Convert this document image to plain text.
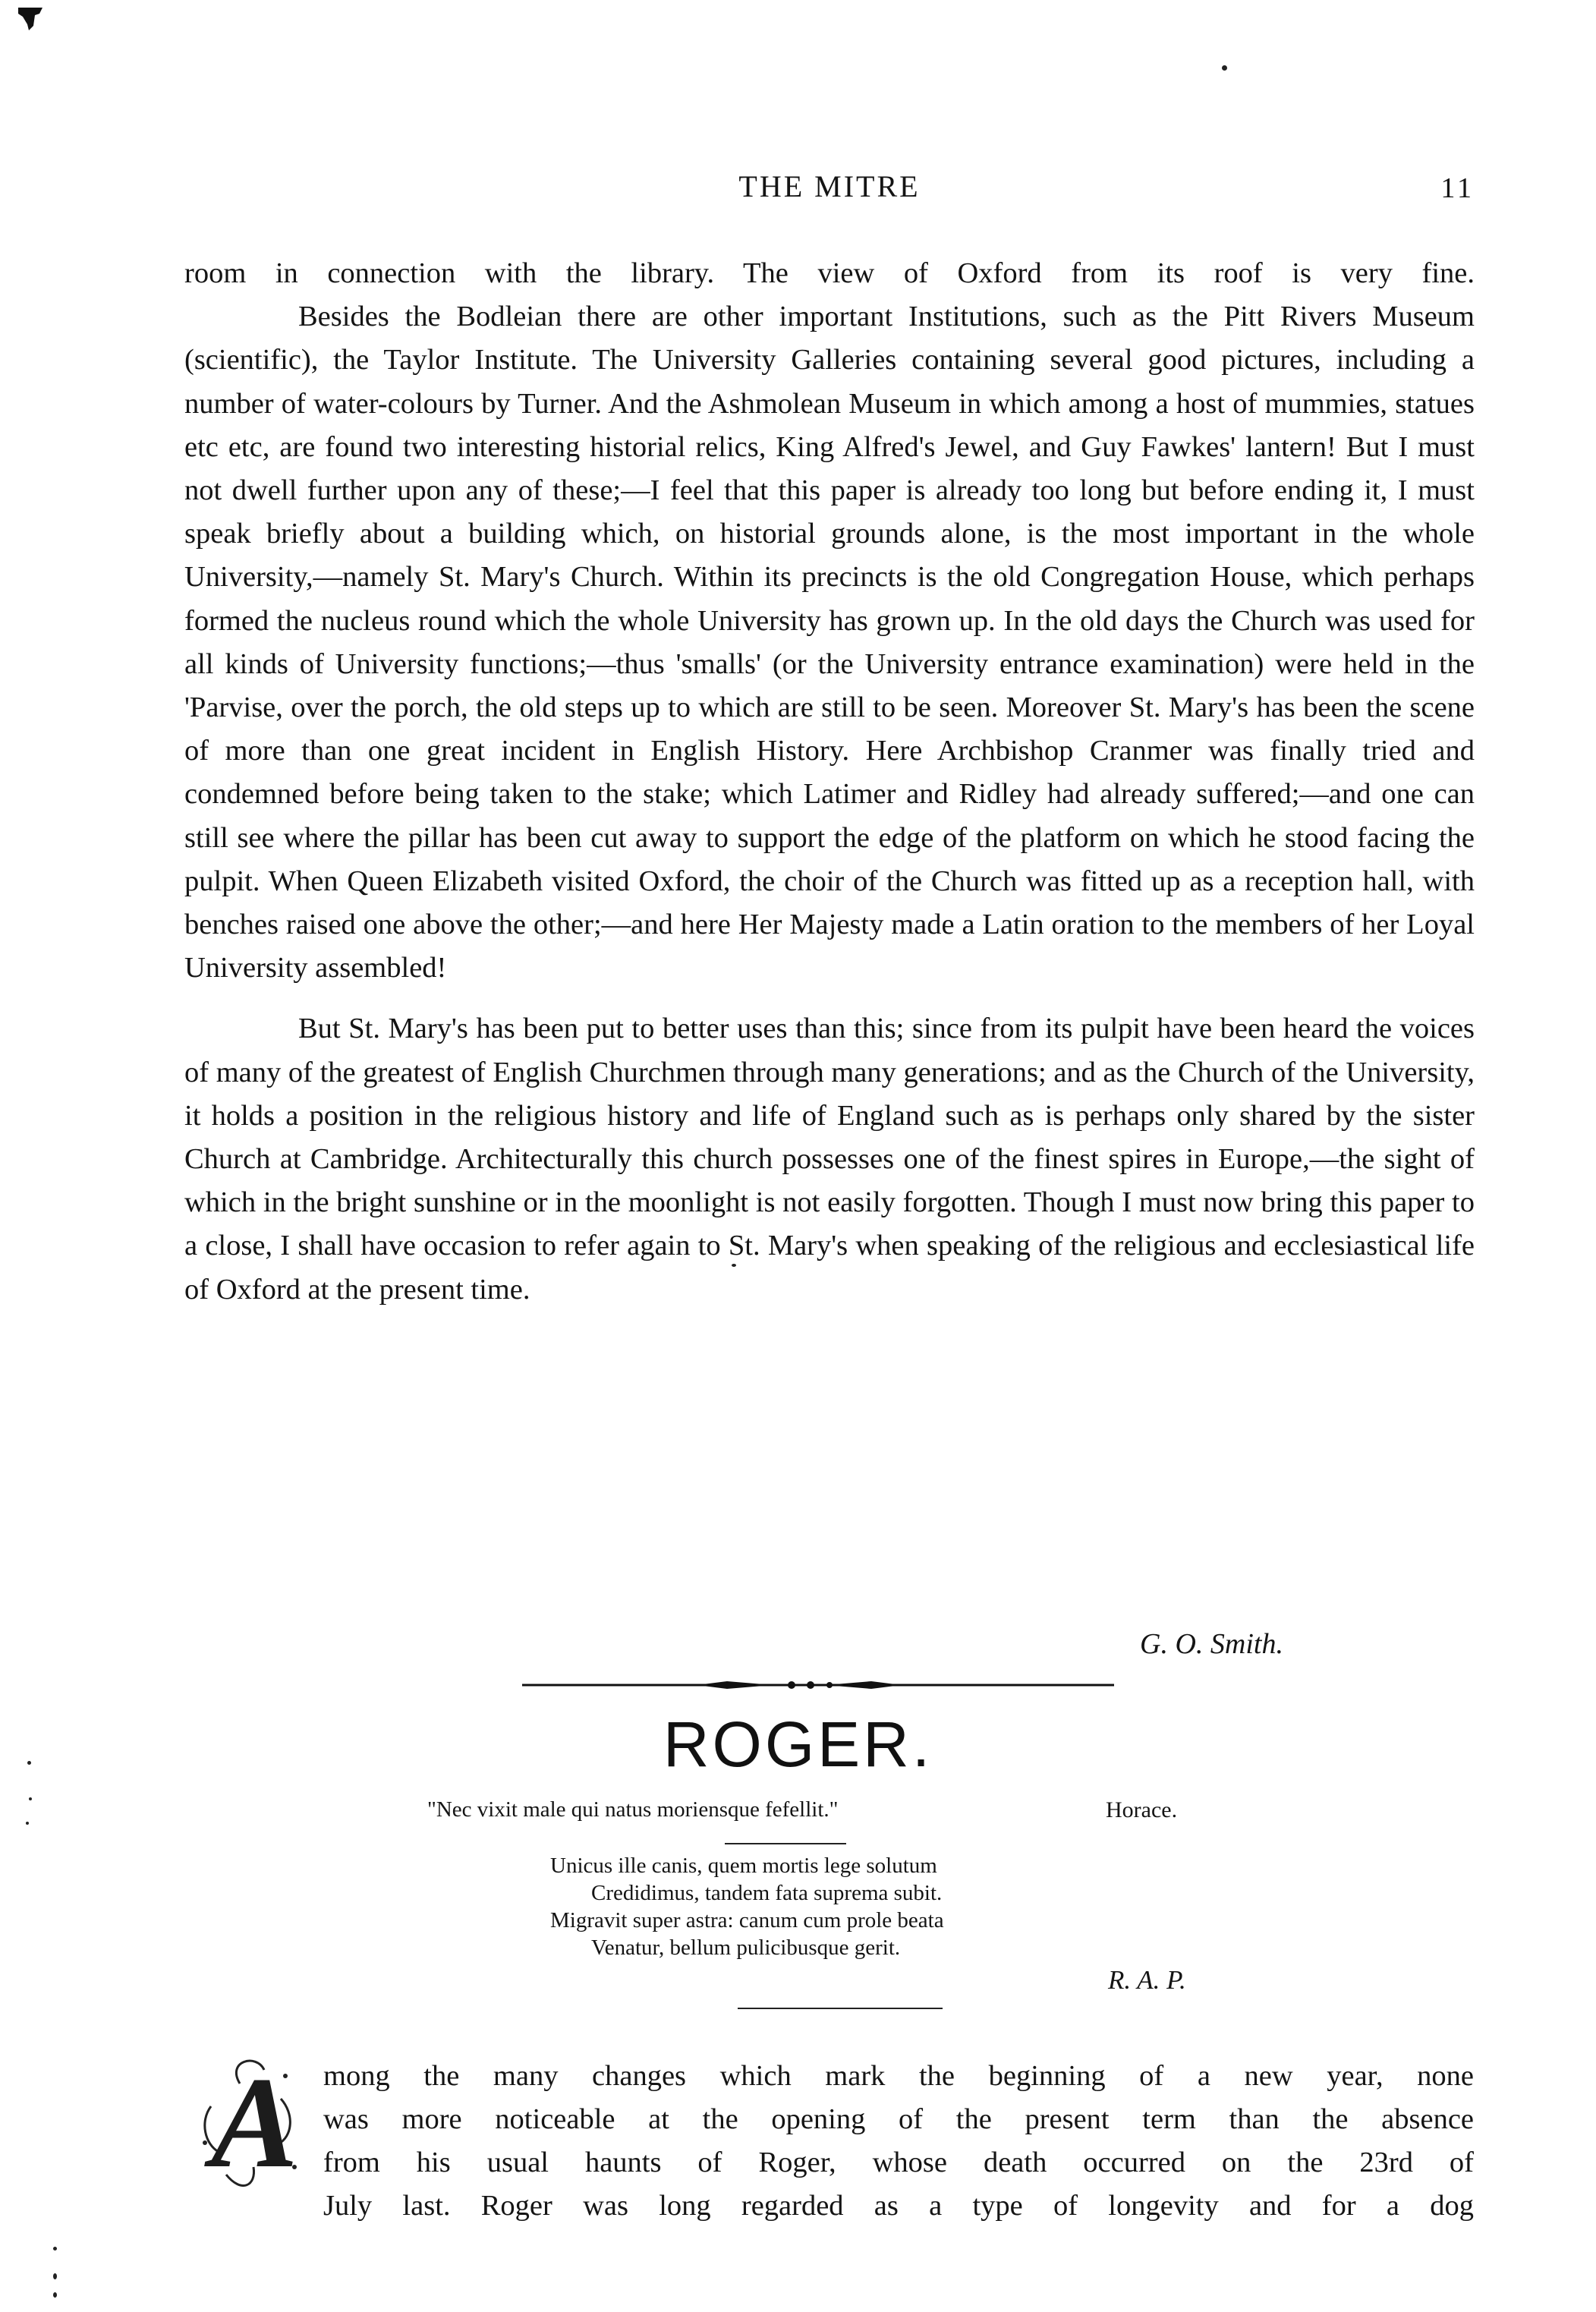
THE MITRE	11

room in connection with the library. The view of Oxford from its roof is very fine.

Besides the Bodleian there are other important Institutions, such as the Pitt Rivers Museum (scientific), the Taylor Institute. The University Galleries containing several good pictures, including a number of water-colours by Turner. And the Ashmolean Museum in which among a host of mummies, statues etc etc, are found two interesting historial relics, King Alfred's Jewel, and Guy Fawkes' lantern! But I must not dwell further upon any of these;—I feel that this paper is already too long but before ending it, I must speak briefly about a building which, on historial grounds alone, is the most important in the whole University,—namely St. Mary's Church. Within its precincts is the old Congregation House, which perhaps formed the nucleus round which the whole University has grown up. In the old days the Church was used for all kinds of University functions;—thus 'smalls' (or the University entrance examination) were held in the 'Parvise, over the porch, the old steps up to which are still to be seen. Moreover St. Mary's has been the scene of more than one great incident in English History. Here Archbishop Cranmer was finally tried and condemned before being taken to the stake; which Latimer and Ridley had already suffered;—and one can still see where the pillar has been cut away to support the edge of the platform on which he stood facing the pulpit. When Queen Elizabeth visited Oxford, the choir of the Church was fitted up as a reception hall, with benches raised one above the other;—and here Her Majesty made a Latin oration to the members of her Loyal University assembled!

But St. Mary's has been put to better uses than this; since from its pulpit have been heard the voices of many of the greatest of English Churchmen through many generations; and as the Church of the University, it holds a position in the religious history and life of England such as is perhaps only shared by the sister Church at Cambridge. Architecturally this church possesses one of the finest spires in Europe,—the sight of which in the bright sunshine or in the moonlight is not easily forgotten. Though I must now bring this paper to a close, I shall have occasion to refer again to St. Mary's when speaking of the religious and ecclesiastical life of Oxford at the present time.

G. O. Smith.
ROGER.
"Nec vixit male qui natus moriensque fefellit."	Horace.
Unicus ille canis, quem mortis lege solutum
Credidimus, tandem fata suprema subit.
Migravit super astra: canum cum prole beata
Venatur, bellum pulicibusque gerit.
R. A. P.
A mong the many changes which mark the beginning of a new year, none
was more noticeable at the opening of the present term than the absence
from his usual haunts of Roger, whose death occurred on the 23rd of
July last. Roger was long regarded as a type of longevity and for a dog
